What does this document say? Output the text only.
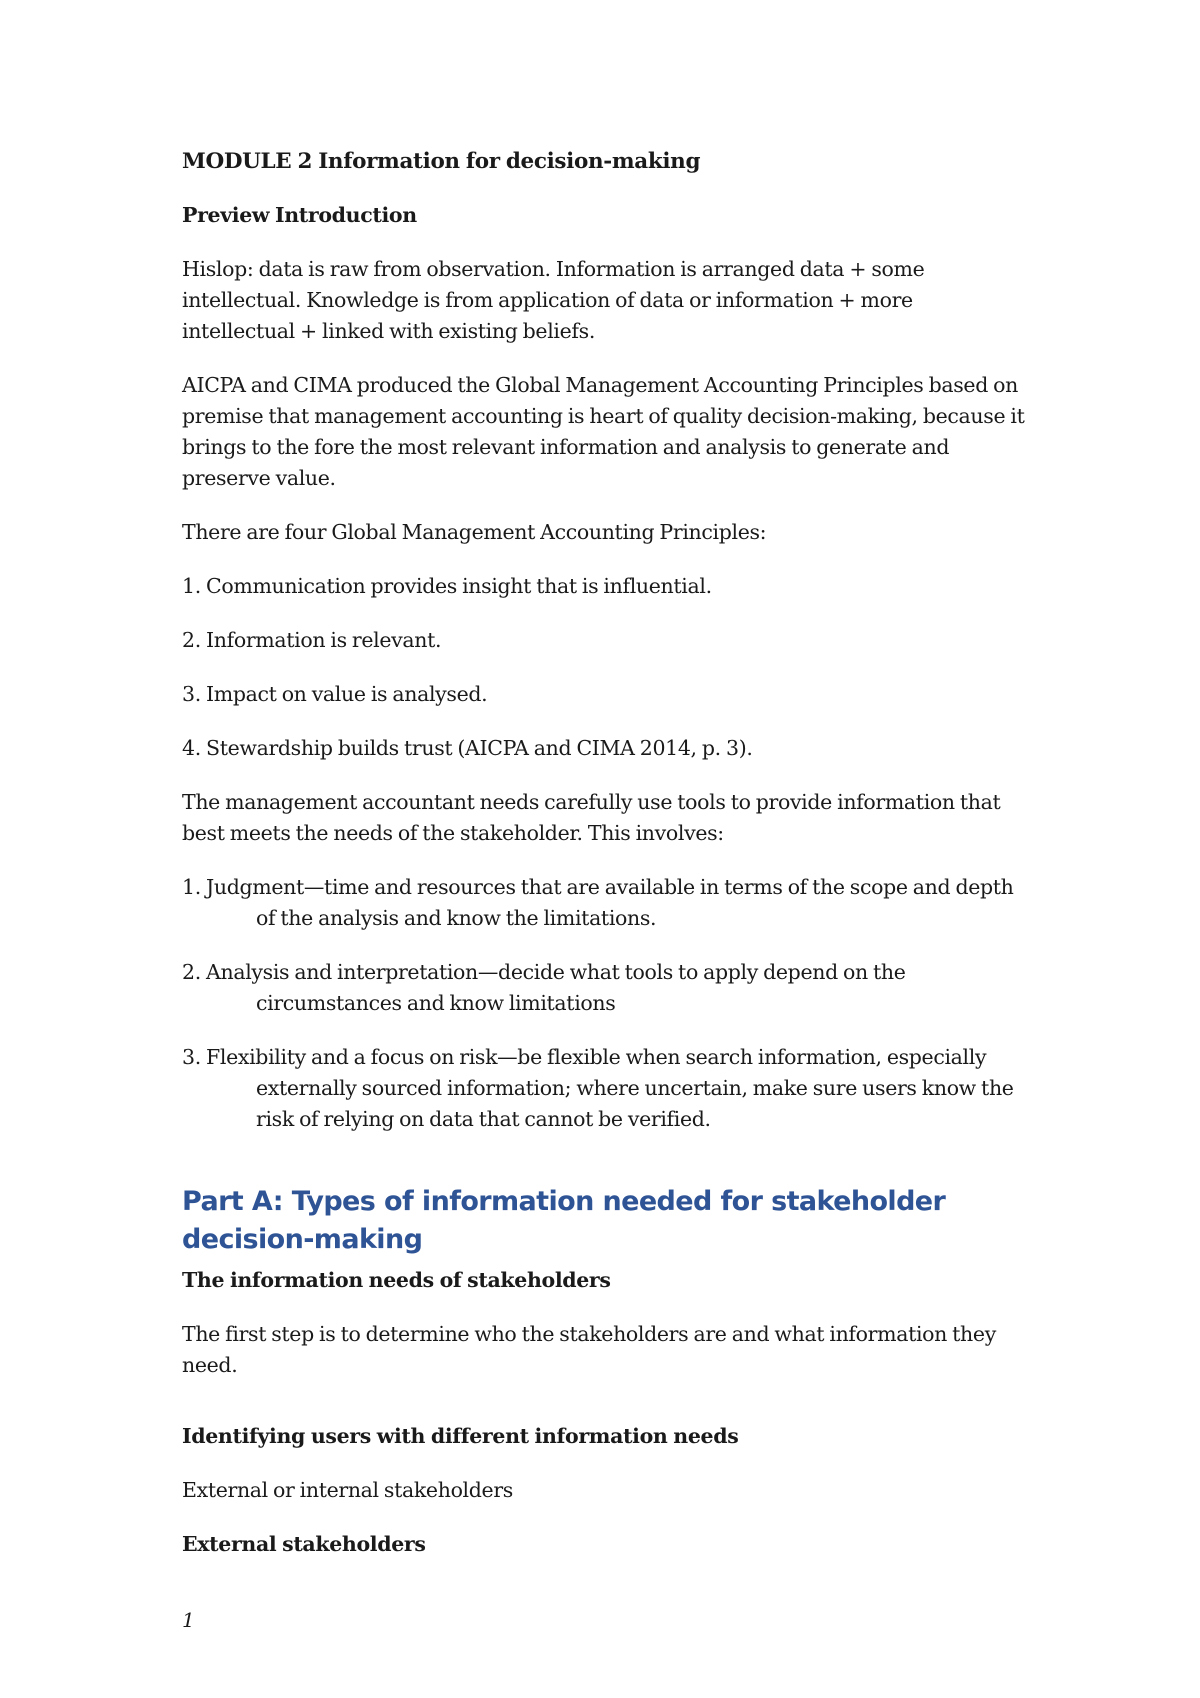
MODULE 2 Information for decision-making
Preview Introduction

Hislop: data is raw from observation. Information is arranged data + some intellectual. Knowledge is from application of data or information + more intellectual + linked with existing beliefs.

AICPA and CIMA produced the Global Management Accounting Principles based on premise that management accounting is heart of quality decision-making, because it brings to the fore the most relevant information and analysis to generate and preserve value.

There are four Global Management Accounting Principles:

1. Communication provides insight that is influential.

2. Information is relevant.

3. Impact on value is analysed.

4. Stewardship builds trust (AICPA and CIMA 2014, p. 3).

The management accountant needs carefully use tools to provide information that best meets the needs of the stakeholder. This involves:

1. Judgment—time and resources that are available in terms of the scope and depth of the analysis and know the limitations.
2. Analysis and interpretation—decide what tools to apply depend on the circumstances and know limitations
3. Flexibility and a focus on risk—be flexible when search information, especially externally sourced information; where uncertain, make sure users know the risk of relying on data that cannot be verified.
Part A: Types of information needed for stakeholder decision-making
The information needs of stakeholders

The first step is to determine who the stakeholders are and what information they need.

Identifying users with different information needs

External or internal stakeholders

External stakeholders
1
